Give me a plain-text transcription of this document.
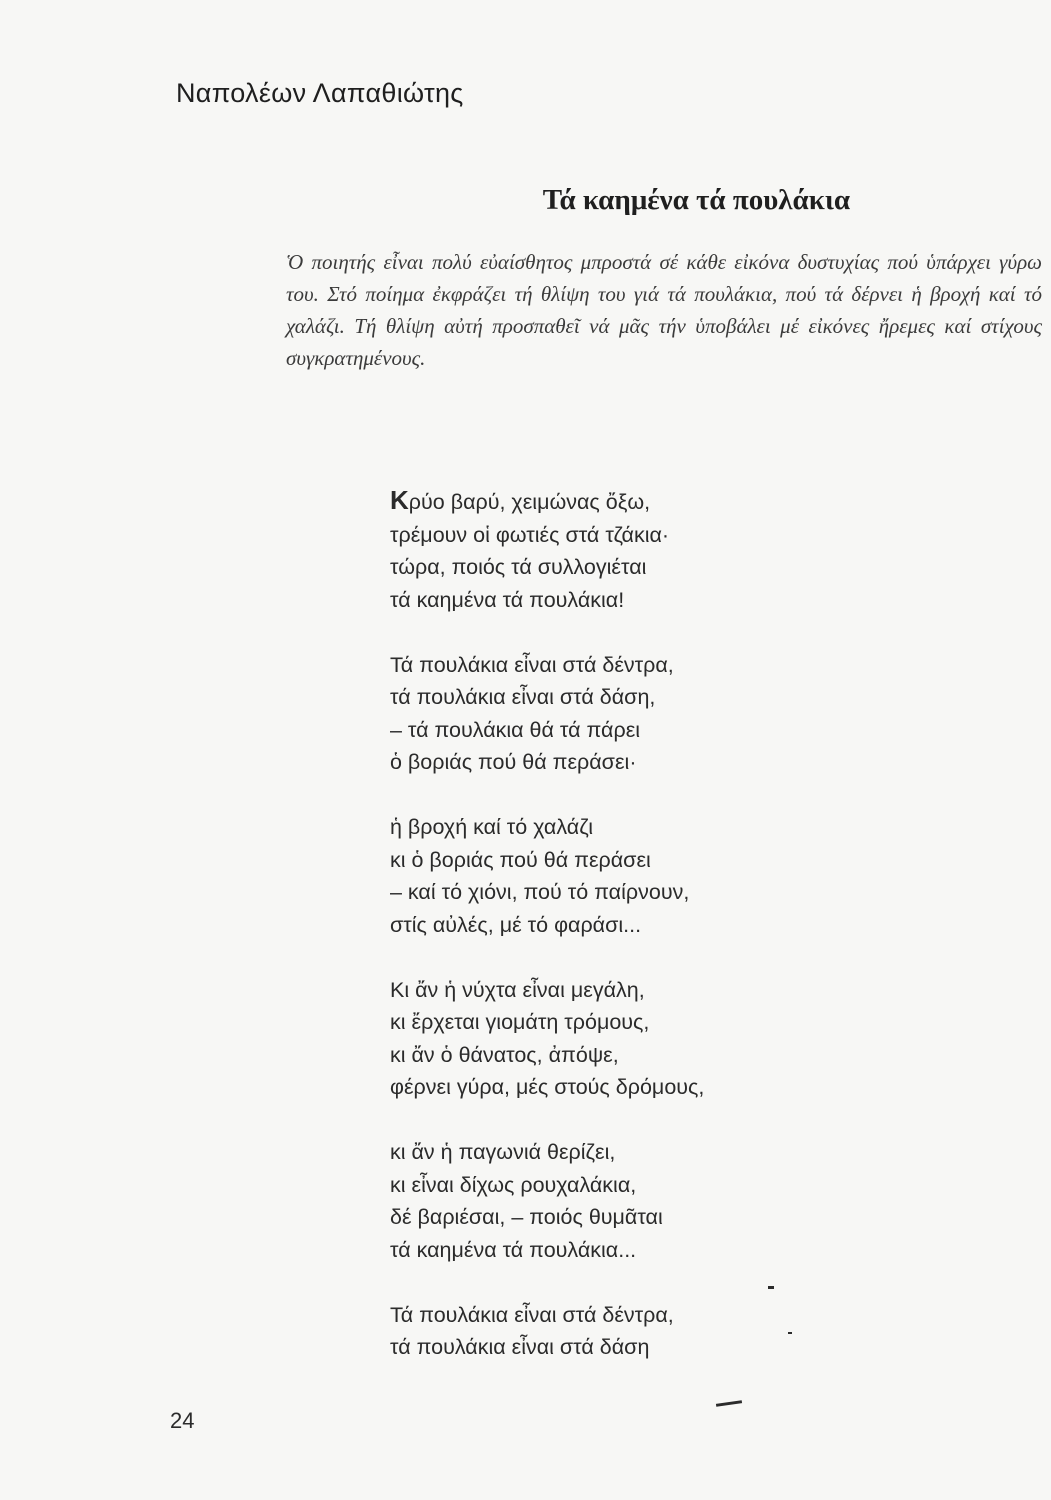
Ναπολέων Λαπαθιώτης
Τά καημένα τά πουλάκια

Ὁ ποιητής εἶναι πολύ εὐαίσθητος μπροστά σέ κάθε εἰκόνα δυστυχίας πού ὑπάρχει γύρω του. Στό ποίημα ἐκφράζει τή θλίψη του γιά τά πουλάκια, πού τά δέρνει ἡ βροχή καί τό χαλάζι. Τή θλίψη αὐτή προσπαθεῖ νά μᾶς τήν ὑποβάλει μέ εἰκόνες ἤρεμες καί στίχους συγκρατημένους.

Κρύο βαρύ, χειμώνας ὄξω,
τρέμουν οἱ φωτιές στά τζάκια·
τώρα, ποιός τά συλλογιέται
τά καημένα τά πουλάκια!
Τά πουλάκια εἶναι στά δέντρα,
τά πουλάκια εἶναι στά δάση,
– τά πουλάκια θά τά πάρει
ὁ βοριάς πού θά περάσει·
ἡ βροχή καί τό χαλάζι
κι ὁ βοριάς πού θά περάσει
– καί τό χιόνι, πού τό παίρνουν,
στίς αὐλές, μέ τό φαράσι...
Κι ἄν ἡ νύχτα εἶναι μεγάλη,
κι ἔρχεται γιομάτη τρόμους,
κι ἄν ὁ θάνατος, ἀπόψε,
φέρνει γύρα, μές στούς δρόμους,
κι ἄν ἡ παγωνιά θερίζει,
κι εἶναι δίχως ρουχαλάκια,
δέ βαριέσαι, – ποιός θυμᾶται
τά καημένα τά πουλάκια...
Τά πουλάκια εἶναι στά δέντρα,
τά πουλάκια εἶναι στά δάση
24
